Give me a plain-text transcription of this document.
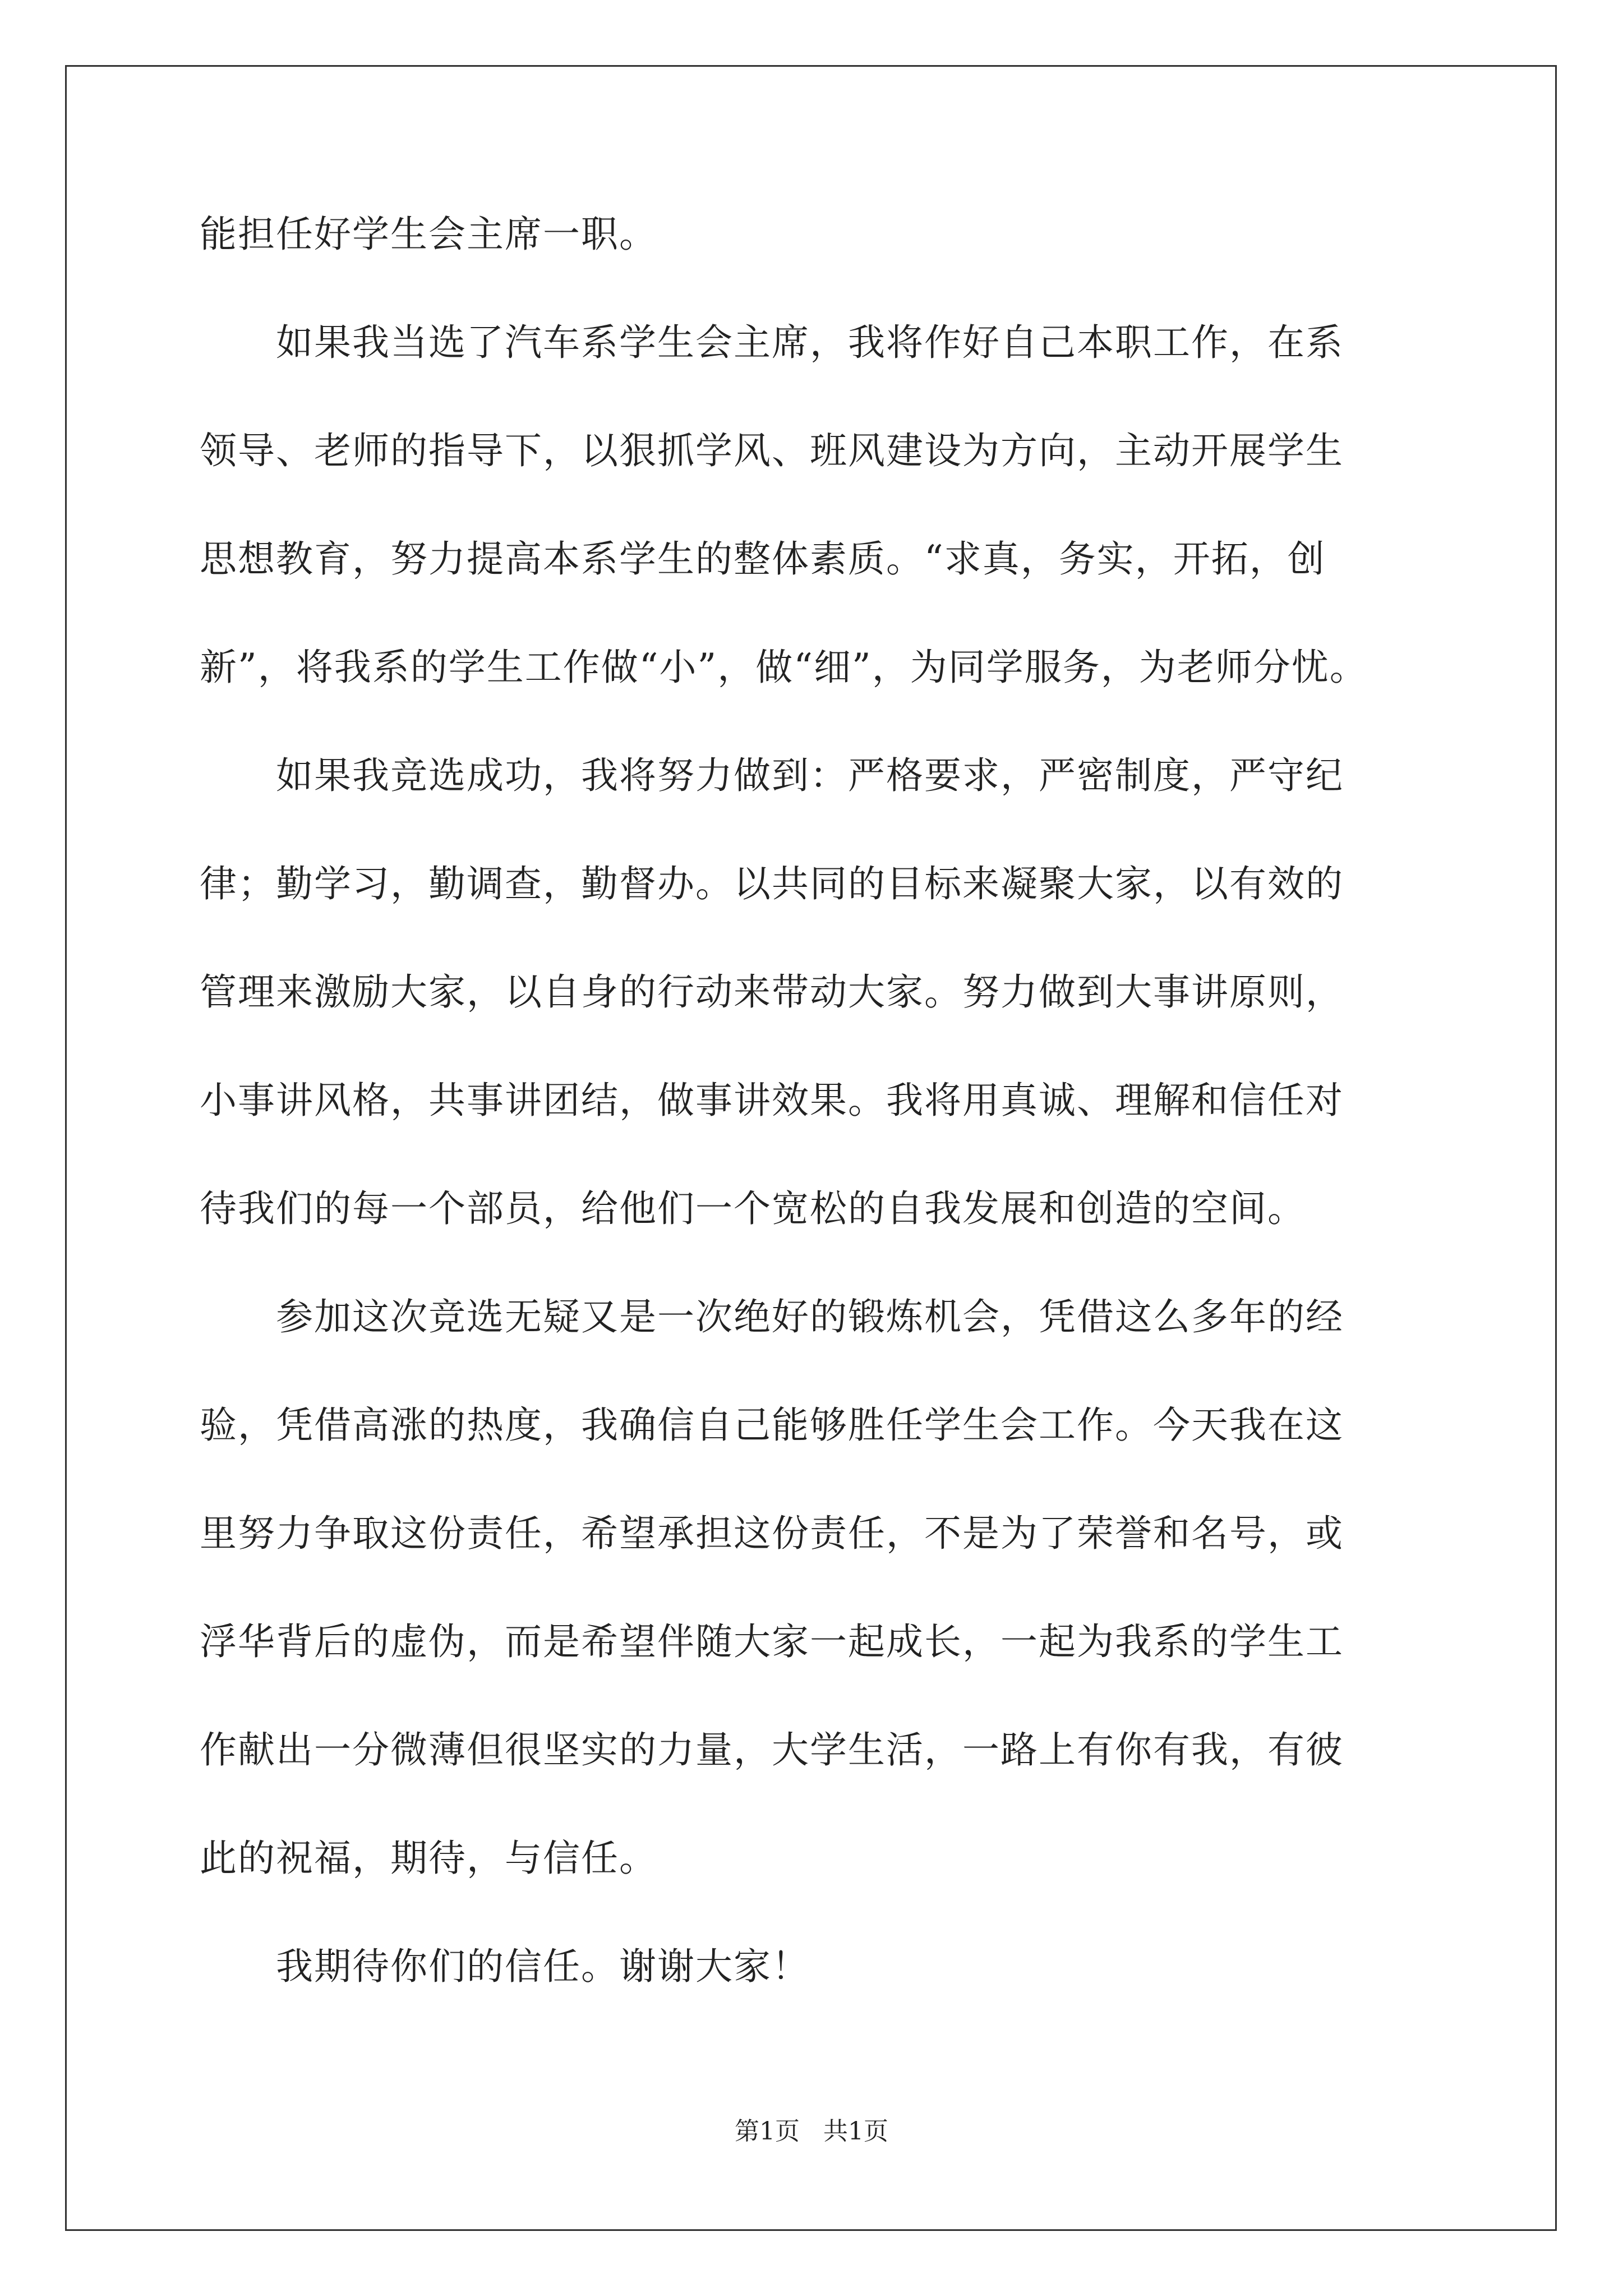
能担任好学生会主席一职。
　　如果我当选了汽车系学生会主席，我将作好自己本职工作，在系
领导、老师的指导下，以狠抓学风、班风建设为方向，主动开展学生
思想教育，努力提高本系学生的整体素质。“求真，务实，开拓，创
新”，将我系的学生工作做“小”，做“细”，为同学服务，为老师分忧。
　　如果我竞选成功，我将努力做到：严格要求，严密制度，严守纪
律；勤学习，勤调查，勤督办。以共同的目标来凝聚大家，以有效的
管理来激励大家，以自身的行动来带动大家。努力做到大事讲原则，
小事讲风格，共事讲团结，做事讲效果。我将用真诚、理解和信任对
待我们的每一个部员，给他们一个宽松的自我发展和创造的空间。
　　参加这次竞选无疑又是一次绝好的锻炼机会，凭借这么多年的经
验，凭借高涨的热度，我确信自己能够胜任学生会工作。今天我在这
里努力争取这份责任，希望承担这份责任，不是为了荣誉和名号，或
浮华背后的虚伪，而是希望伴随大家一起成长，一起为我系的学生工
作献出一分微薄但很坚实的力量，大学生活，一路上有你有我，有彼
此的祝福，期待，与信任。
　　我期待你们的信任。谢谢大家！
第1页 共1页
